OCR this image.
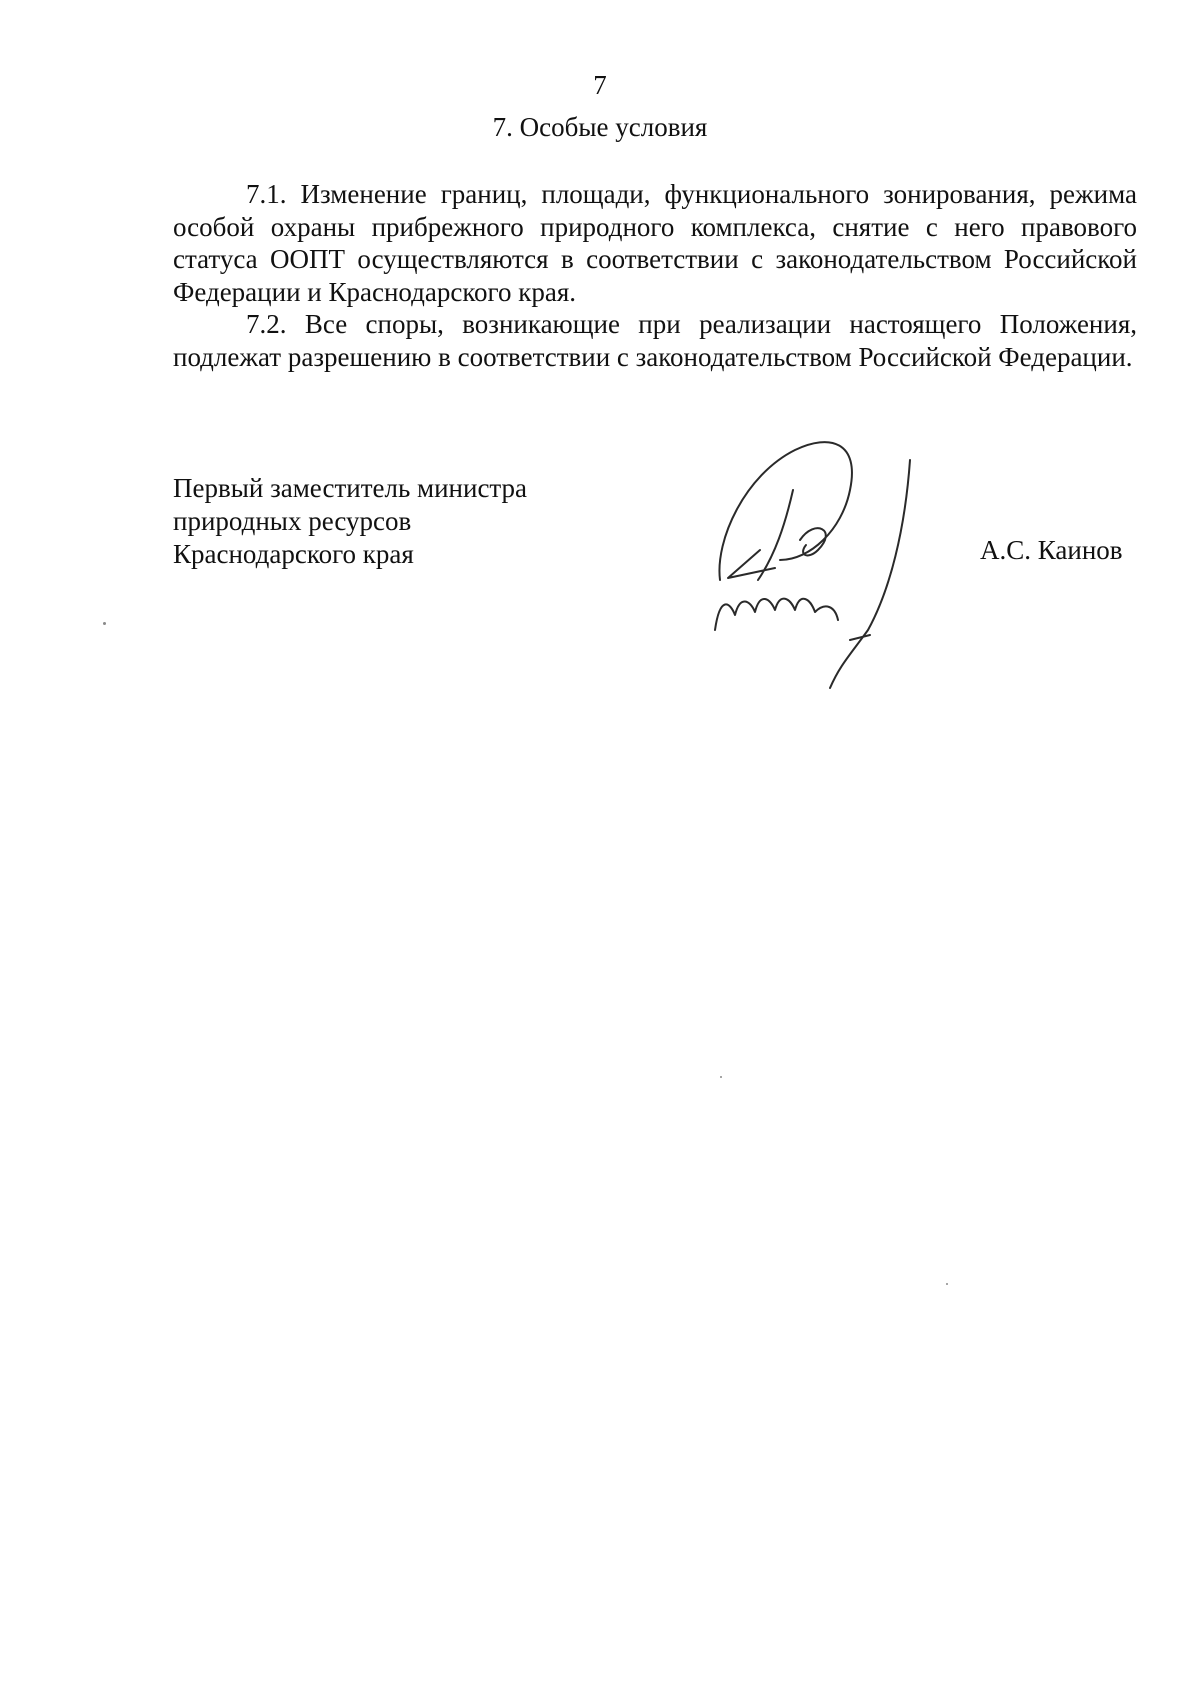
7
7. Особые условия

7.1. Изменение границ, площади, функционального зонирования, режима особой охраны прибрежного природного комплекса, снятие с него правового статуса ООПТ осуществляются в соответствии с законодательством Российской Федерации и Краснодарского края.

7.2. Все споры, возникающие при реализации настоящего Положения, подлежат разрешению в соответствии с законодательством Российской Федерации.

Первый заместитель министра
природных ресурсов
Краснодарского края	А.С. Каинов
